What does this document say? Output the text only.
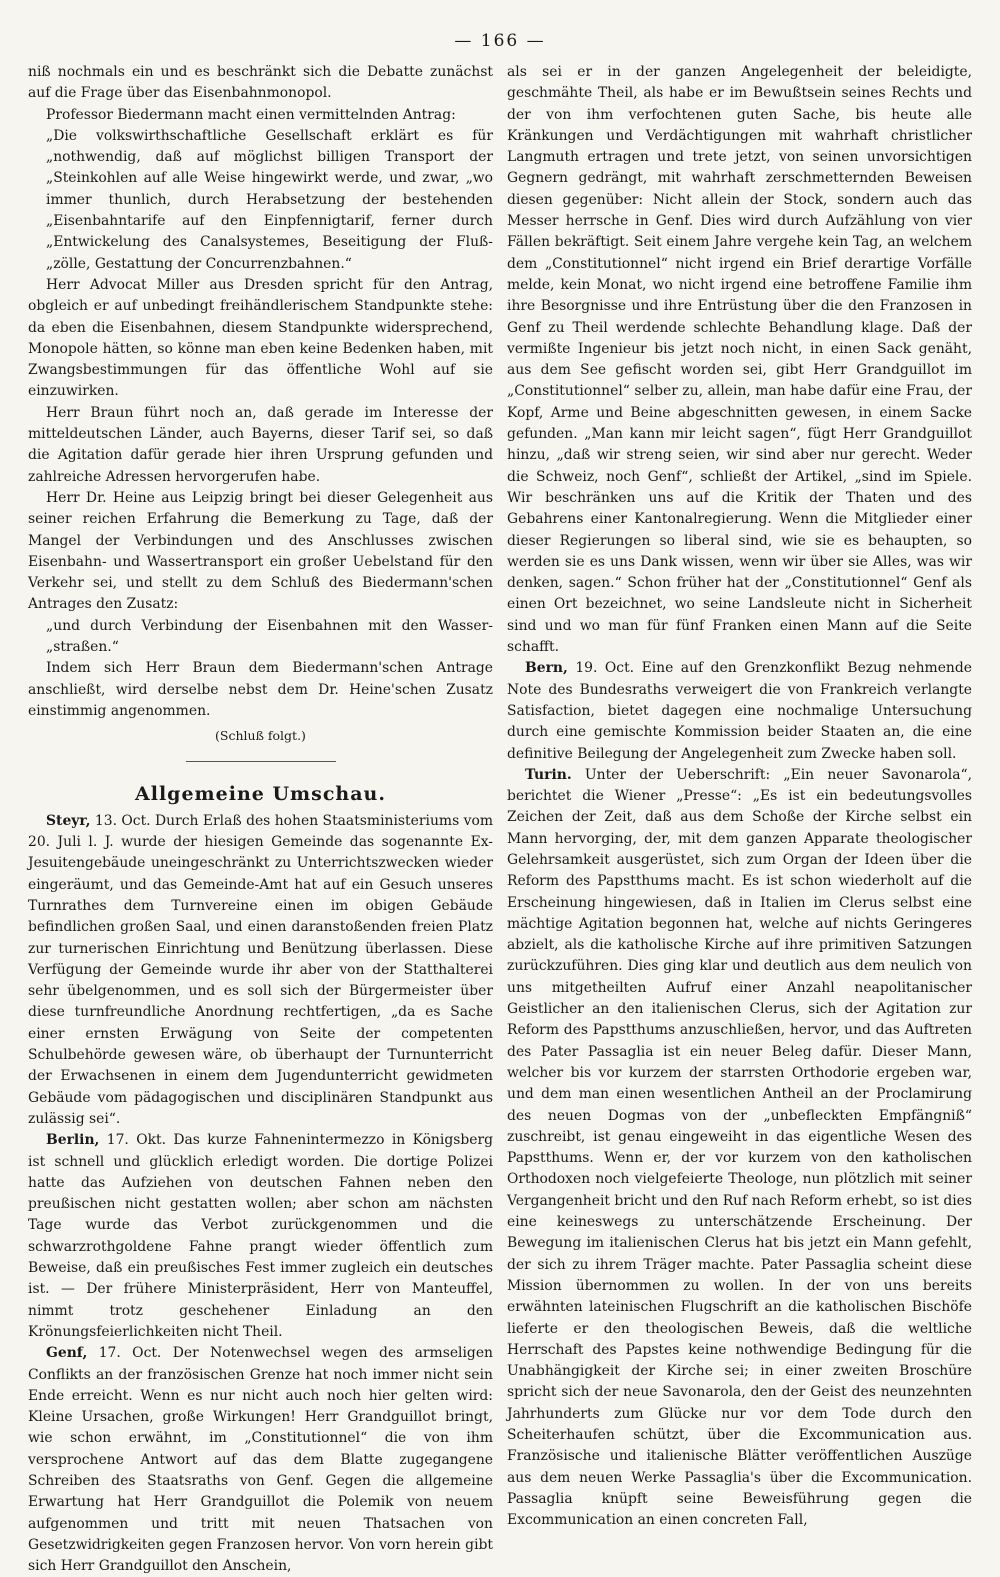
— 166 —

niß nochmals ein und es beschränkt sich die Debatte zunächst auf die Frage über das Eisenbahnmonopol.

Professor Biedermann macht einen vermittelnden Antrag:

„Die volkswirthschaftliche Gesellschaft erklärt es für „nothwendig, daß auf möglichst billigen Transport der „Steinkohlen auf alle Weise hingewirkt werde, und zwar, „wo immer thunlich, durch Herabsetzung der bestehenden „Eisenbahntarife auf den Einpfennigtarif, ferner durch „Entwickelung des Canalsystemes, Beseitigung der Fluß- „zölle, Gestattung der Concurrenzbahnen.“

Herr Advocat Miller aus Dresden spricht für den Antrag, obgleich er auf unbedingt freihändlerischem Standpunkte stehe: da eben die Eisenbahnen, diesem Standpunkte widersprechend, Monopole hätten, so könne man eben keine Bedenken haben, mit Zwangsbestimmungen für das öffentliche Wohl auf sie einzuwirken.

Herr Braun führt noch an, daß gerade im Interesse der mitteldeutschen Länder, auch Bayerns, dieser Tarif sei, so daß die Agitation dafür gerade hier ihren Ursprung gefunden und zahlreiche Adressen hervorgerufen habe.

Herr Dr. Heine aus Leipzig bringt bei dieser Gelegenheit aus seiner reichen Erfahrung die Bemerkung zu Tage, daß der Mangel der Verbindungen und des Anschlusses zwischen Eisenbahn- und Wassertransport ein großer Uebelstand für den Verkehr sei, und stellt zu dem Schluß des Biedermann'schen Antrages den Zusatz:

„und durch Verbindung der Eisenbahnen mit den Wasser- „straßen.“

Indem sich Herr Braun dem Biedermann'schen Antrage anschließt, wird derselbe nebst dem Dr. Heine'schen Zusatz einstimmig angenommen.

(Schluß folgt.)

Allgemeine Umschau.

Steyr, 13. Oct. Durch Erlaß des hohen Staatsministeriums vom 20. Juli l. J. wurde der hiesigen Gemeinde das sogenannte Ex-Jesuitengebäude uneingeschränkt zu Unterrichtszwecken wieder eingeräumt, und das Gemeinde-Amt hat auf ein Gesuch unseres Turnrathes dem Turnvereine einen im obigen Gebäude befindlichen großen Saal, und einen daranstoßenden freien Platz zur turnerischen Einrichtung und Benützung überlassen. Diese Verfügung der Gemeinde wurde ihr aber von der Statthalterei sehr übelgenommen, und es soll sich der Bürgermeister über diese turnfreundliche Anordnung rechtfertigen, „da es Sache einer ernsten Erwägung von Seite der competenten Schulbehörde gewesen wäre, ob überhaupt der Turnunterricht der Erwachsenen in einem dem Jugendunterricht gewidmeten Gebäude vom pädagogischen und disciplinären Standpunkt aus zulässig sei“.

Berlin, 17. Okt. Das kurze Fahnenintermezzo in Königsberg ist schnell und glücklich erledigt worden. Die dortige Polizei hatte das Aufziehen von deutschen Fahnen neben den preußischen nicht gestatten wollen; aber schon am nächsten Tage wurde das Verbot zurückgenommen und die schwarzrothgoldene Fahne prangt wieder öffentlich zum Beweise, daß ein preußisches Fest immer zugleich ein deutsches ist. — Der frühere Ministerpräsident, Herr von Manteuffel, nimmt trotz geschehener Einladung an den Krönungsfeierlichkeiten nicht Theil.

Genf, 17. Oct. Der Notenwechsel wegen des armseligen Conflikts an der französischen Grenze hat noch immer nicht sein Ende erreicht. Wenn es nur nicht auch noch hier gelten wird: Kleine Ursachen, große Wirkungen! Herr Grandguillot bringt, wie schon erwähnt, im „Constitutionnel“ die von ihm versprochene Antwort auf das dem Blatte zugegangene Schreiben des Staatsraths von Genf. Gegen die allgemeine Erwartung hat Herr Grandguillot die Polemik von neuem aufgenommen und tritt mit neuen Thatsachen von Gesetzwidrigkeiten gegen Franzosen hervor. Von vorn herein gibt sich Herr Grandguillot den Anschein,

als sei er in der ganzen Angelegenheit der beleidigte, geschmähte Theil, als habe er im Bewußtsein seines Rechts und der von ihm verfochtenen guten Sache, bis heute alle Kränkungen und Verdächtigungen mit wahrhaft christlicher Langmuth ertragen und trete jetzt, von seinen unvorsichtigen Gegnern gedrängt, mit wahrhaft zerschmetternden Beweisen diesen gegenüber: Nicht allein der Stock, sondern auch das Messer herrsche in Genf. Dies wird durch Aufzählung von vier Fällen bekräftigt. Seit einem Jahre vergehe kein Tag, an welchem dem „Constitutionnel“ nicht irgend ein Brief derartige Vorfälle melde, kein Monat, wo nicht irgend eine betroffene Familie ihm ihre Besorgnisse und ihre Entrüstung über die den Franzosen in Genf zu Theil werdende schlechte Behandlung klage. Daß der vermißte Ingenieur bis jetzt noch nicht, in einen Sack genäht, aus dem See gefischt worden sei, gibt Herr Grandguillot im „Constitutionnel“ selber zu, allein, man habe dafür eine Frau, der Kopf, Arme und Beine abgeschnitten gewesen, in einem Sacke gefunden. „Man kann mir leicht sagen“, fügt Herr Grandguillot hinzu, „daß wir streng seien, wir sind aber nur gerecht. Weder die Schweiz, noch Genf“, schließt der Artikel, „sind im Spiele. Wir beschränken uns auf die Kritik der Thaten und des Gebahrens einer Kantonalregierung. Wenn die Mitglieder einer dieser Regierungen so liberal sind, wie sie es behaupten, so werden sie es uns Dank wissen, wenn wir über sie Alles, was wir denken, sagen.“ Schon früher hat der „Constitutionnel“ Genf als einen Ort bezeichnet, wo seine Landsleute nicht in Sicherheit sind und wo man für fünf Franken einen Mann auf die Seite schafft.

Bern, 19. Oct. Eine auf den Grenzkonflikt Bezug nehmende Note des Bundesraths verweigert die von Frankreich verlangte Satisfaction, bietet dagegen eine nochmalige Untersuchung durch eine gemischte Kommission beider Staaten an, die eine definitive Beilegung der Angelegenheit zum Zwecke haben soll.

Turin. Unter der Ueberschrift: „Ein neuer Savonarola“, berichtet die Wiener „Presse“: „Es ist ein bedeutungsvolles Zeichen der Zeit, daß aus dem Schoße der Kirche selbst ein Mann hervorging, der, mit dem ganzen Apparate theologischer Gelehrsamkeit ausgerüstet, sich zum Organ der Ideen über die Reform des Papstthums macht. Es ist schon wiederholt auf die Erscheinung hingewiesen, daß in Italien im Clerus selbst eine mächtige Agitation begonnen hat, welche auf nichts Geringeres abzielt, als die katholische Kirche auf ihre primitiven Satzungen zurückzuführen. Dies ging klar und deutlich aus dem neulich von uns mitgetheilten Aufruf einer Anzahl neapolitanischer Geistlicher an den italienischen Clerus, sich der Agitation zur Reform des Papstthums anzuschließen, hervor, und das Auftreten des Pater Passaglia ist ein neuer Beleg dafür. Dieser Mann, welcher bis vor kurzem der starrsten Orthodorie ergeben war, und dem man einen wesentlichen Antheil an der Proclamirung des neuen Dogmas von der „unbefleckten Empfängniß“ zuschreibt, ist genau eingeweiht in das eigentliche Wesen des Papstthums. Wenn er, der vor kurzem von den katholischen Orthodoxen noch vielgefeierte Theologe, nun plötzlich mit seiner Vergangenheit bricht und den Ruf nach Reform erhebt, so ist dies eine keineswegs zu unterschätzende Erscheinung. Der Bewegung im italienischen Clerus hat bis jetzt ein Mann gefehlt, der sich zu ihrem Träger machte. Pater Passaglia scheint diese Mission übernommen zu wollen. In der von uns bereits erwähnten lateinischen Flugschrift an die katholischen Bischöfe lieferte er den theologischen Beweis, daß die weltliche Herrschaft des Papstes keine nothwendige Bedingung für die Unabhängigkeit der Kirche sei; in einer zweiten Broschüre spricht sich der neue Savonarola, den der Geist des neunzehnten Jahrhunderts zum Glücke nur vor dem Tode durch den Scheiterhaufen schützt, über die Excommunication aus. Französische und italienische Blätter veröffentlichen Auszüge aus dem neuen Werke Passaglia's über die Excommunication. Passaglia knüpft seine Beweisführung gegen die Excommunication an einen concreten Fall,
